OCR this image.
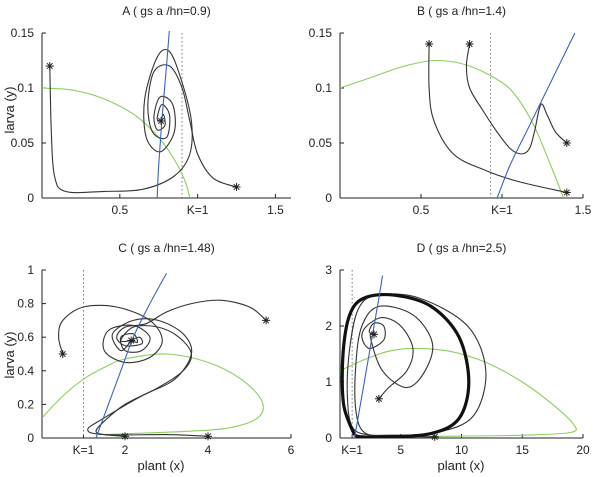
A ( gs a /hn=0.9)
0.5	K=1	1.5
0
0.05
0.1
0.15
B ( gs a /hn=1.4)
0.5	K=1	1.5
0
0.05
0.1
0.15
C ( gs a /hn=1.48)
K=1 2	4	6
0
0.2
0.4
0.6
0.8
1
D ( gs a /hn=2.5)
K=1	5	10	15	20
0
1
2
3
larva (y)
larva (y)
plant (x)	plant (x)
